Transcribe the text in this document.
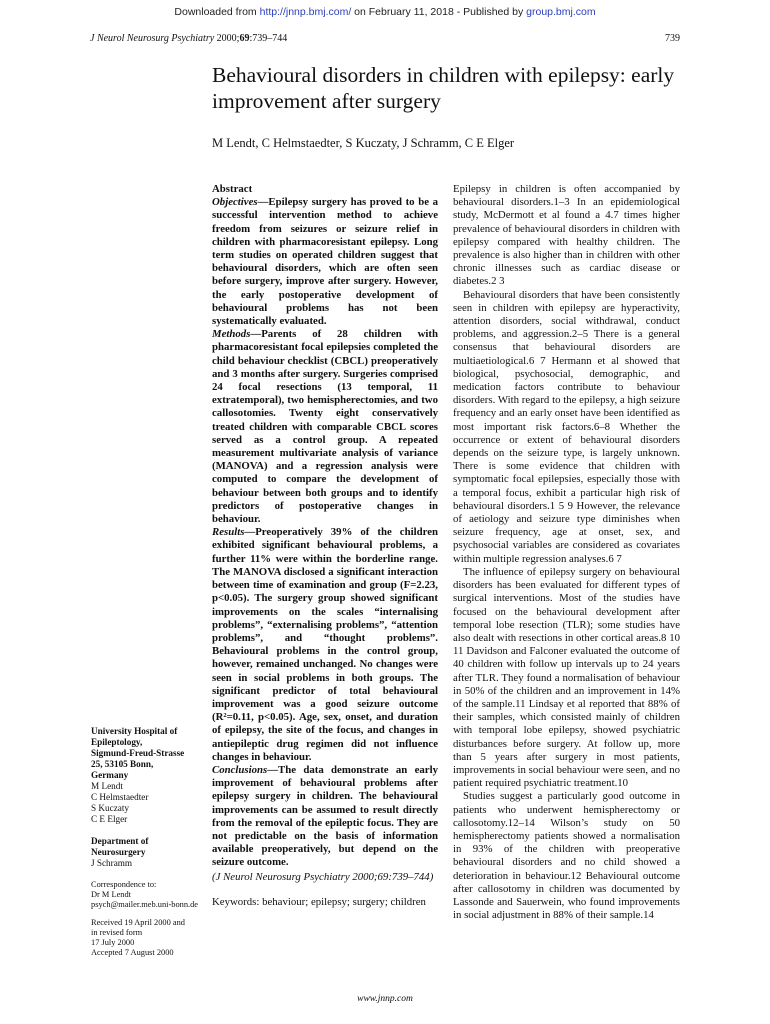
Downloaded from http://jnnp.bmj.com/ on February 11, 2018 - Published by group.bmj.com
J Neurol Neurosurg Psychiatry 2000;69:739–744	739
Behavioural disorders in children with epilepsy: early improvement after surgery
M Lendt, C Helmstaedter, S Kuczaty, J Schramm, C E Elger
Abstract

Objectives—Epilepsy surgery has proved to be a successful intervention method to achieve freedom from seizures or seizure relief in children with pharmacoresistant epilepsy. Long term studies on operated children suggest that behavioural disorders, which are often seen before surgery, improve after surgery. However, the early postoperative development of behavioural problems has not been systematically evaluated.

Methods—Parents of 28 children with pharmacoresistant focal epilepsies completed the child behaviour checklist (CBCL) preoperatively and 3 months after surgery. Surgeries comprised 24 focal resections (13 temporal, 11 extratemporal), two hemispherectomies, and two callosotomies. Twenty eight conservatively treated children with comparable CBCL scores served as a control group. A repeated measurement multivariate analysis of variance (MANOVA) and a regression analysis were computed to compare the development of behaviour between both groups and to identify predictors of postoperative changes in behaviour.

Results—Preoperatively 39% of the children exhibited significant behavioural problems, a further 11% were within the borderline range. The MANOVA disclosed a significant interaction between time of examination and group (F=2.23, p<0.05). The surgery group showed significant improvements on the scales “internalising problems”, “externalising problems”, “attention problems”, and “thought problems”. Behavioural problems in the control group, however, remained unchanged. No changes were seen in social problems in both groups. The significant predictor of total behavioural improvement was a good seizure outcome (R²=0.11, p<0.05). Age, sex, onset, and duration of epilepsy, the site of the focus, and changes in antiepileptic drug regimen did not influence changes in behaviour.

Conclusions—The data demonstrate an early improvement of behavioural problems after epilepsy surgery in children. The behavioural improvements can be assumed to result directly from the removal of the epileptic focus. They are not predictable on the basis of information available preoperatively, but depend on the seizure outcome.

(J Neurol Neurosurg Psychiatry 2000;69:739–744)
Keywords: behaviour; epilepsy; surgery; children
University Hospital of
Epileptology,
Sigmund-Freud-Strasse
25, 53105 Bonn,
Germany
M Lendt
C Helmstaedter
S Kuczaty
C E Elger
Department of
Neurosurgery
J Schramm
Correspondence to:
Dr M Lendt
psych@mailer.meb.uni-bonn.de
Received 19 April 2000 and
in revised form
17 July 2000
Accepted 7 August 2000

Epilepsy in children is often accompanied by behavioural disorders.1–3 In an epidemiological study, McDermott et al found a 4.7 times higher prevalence of behavioural disorders in children with epilepsy compared with healthy children. The prevalence is also higher than in children with other chronic illnesses such as cardiac disease or diabetes.2 3

Behavioural disorders that have been consistently seen in children with epilepsy are hyperactivity, attention disorders, social withdrawal, conduct problems, and aggression.2–5 There is a general consensus that behavioural disorders are multiaetiological.6 7 Hermann et al showed that biological, psychosocial, demographic, and medication factors contribute to behaviour disorders. With regard to the epilepsy, a high seizure frequency and an early onset have been identified as most important risk factors.6–8 Whether the occurrence or extent of behavioural disorders depends on the seizure type, is largely unknown. There is some evidence that children with symptomatic focal epilepsies, especially those with a temporal focus, exhibit a particular high risk of behavioural disorders.1 5 9 However, the relevance of aetiology and seizure type diminishes when seizure frequency, age at onset, sex, and psychosocial variables are considered as covariates within multiple regression analyses.6 7

The influence of epilepsy surgery on behavioural disorders has been evaluated for different types of surgical interventions. Most of the studies have focused on the behavioural development after temporal lobe resection (TLR); some studies have also dealt with resections in other cortical areas.8 10 11 Davidson and Falconer evaluated the outcome of 40 children with follow up intervals up to 24 years after TLR. They found a normalisation of behaviour in 50% of the children and an improvement in 14% of the sample.11 Lindsay et al reported that 88% of their samples, which consisted mainly of children with temporal lobe epilepsy, showed psychiatric disturbances before surgery. At follow up, more than 5 years after surgery in most patients, improvements in social behaviour were seen, and no patient required psychiatric treatment.10

Studies suggest a particularly good outcome in patients who underwent hemispherectomy or callosotomy.12–14 Wilson’s study on 50 hemispherectomy patients showed a normalisation in 93% of the children with preoperative behavioural disorders and no child showed a deterioration in behaviour.12 Behavioural outcome after callosotomy in children was documented by Lassonde and Sauerwein, who found improvements in social adjustment in 88% of their sample.14

www.jnnp.com
